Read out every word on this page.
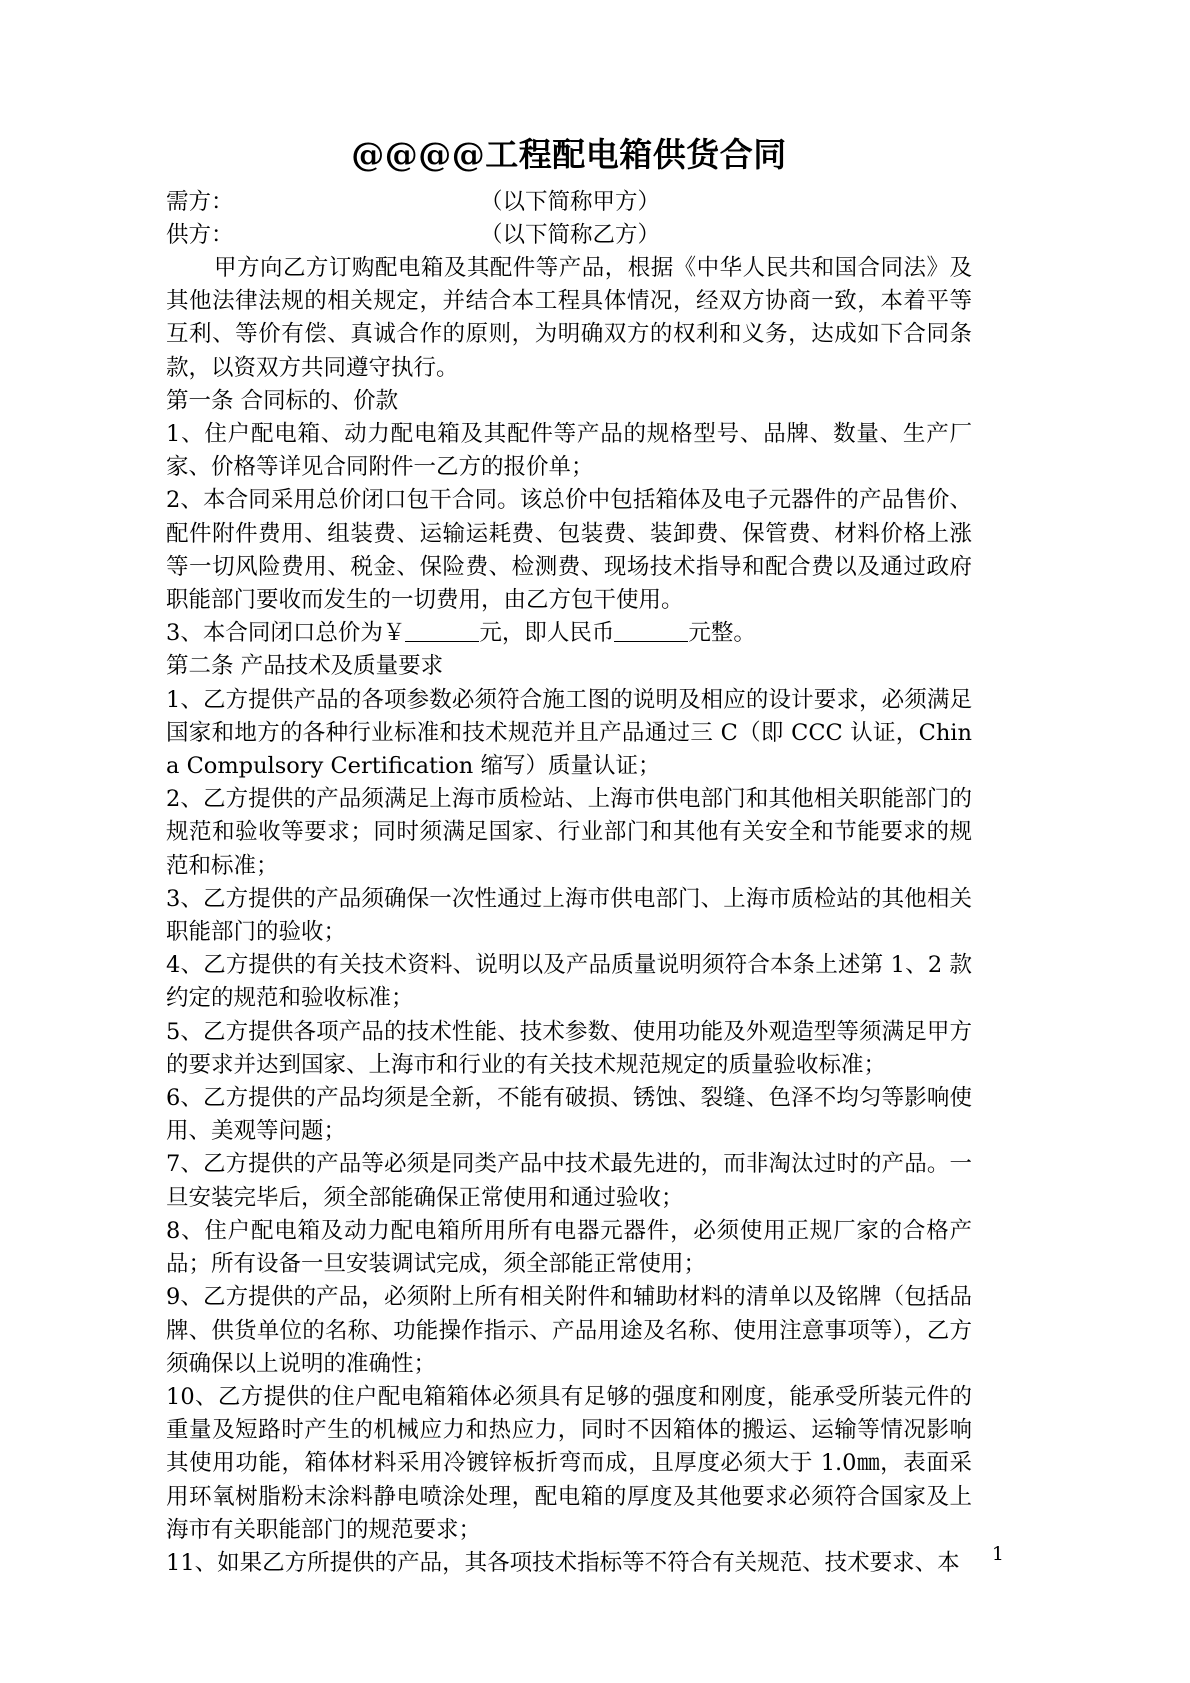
@@@@工程配电箱供货合同
需方：	（以下简称甲方）
供方：	（以下简称乙方）

甲方向乙方订购配电箱及其配件等产品，根据《中华人民共和国合同法》及其他法律法规的相关规定，并结合本工程具体情况，经双方协商一致，本着平等互利、等价有偿、真诚合作的原则，为明确双方的权利和义务，达成如下合同条款，以资双方共同遵守执行。

第一条 合同标的、价款

1、住户配电箱、动力配电箱及其配件等产品的规格型号、品牌、数量、生产厂家、价格等详见合同附件一乙方的报价单；

2、本合同采用总价闭口包干合同。该总价中包括箱体及电子元器件的产品售价、配件附件费用、组装费、运输运耗费、包装费、装卸费、保管费、材料价格上涨等一切风险费用、税金、保险费、检测费、现场技术指导和配合费以及通过政府职能部门要收而发生的一切费用，由乙方包干使用。

3、本合同闭口总价为￥	元，即人民币	元整。

第二条 产品技术及质量要求

1、乙方提供产品的各项参数必须符合施工图的说明及相应的设计要求，必须满足国家和地方的各种行业标准和技术规范并且产品通过三 C（即 CCC 认证，China Compulsory Certification 缩写）质量认证；

2、乙方提供的产品须满足上海市质检站、上海市供电部门和其他相关职能部门的规范和验收等要求；同时须满足国家、行业部门和其他有关安全和节能要求的规范和标准；

3、乙方提供的产品须确保一次性通过上海市供电部门、上海市质检站的其他相关职能部门的验收；

4、乙方提供的有关技术资料、说明以及产品质量说明须符合本条上述第 1、2 款约定的规范和验收标准；

5、乙方提供各项产品的技术性能、技术参数、使用功能及外观造型等须满足甲方的要求并达到国家、上海市和行业的有关技术规范规定的质量验收标准；

6、乙方提供的产品均须是全新，不能有破损、锈蚀、裂缝、色泽不均匀等影响使用、美观等问题；

7、乙方提供的产品等必须是同类产品中技术最先进的，而非淘汰过时的产品。一旦安装完毕后，须全部能确保正常使用和通过验收；

8、住户配电箱及动力配电箱所用所有电器元器件，必须使用正规厂家的合格产品；所有设备一旦安装调试完成，须全部能正常使用；

9、乙方提供的产品，必须附上所有相关附件和辅助材料的清单以及铭牌（包括品牌、供货单位的名称、功能操作指示、产品用途及名称、使用注意事项等），乙方须确保以上说明的准确性；

10、乙方提供的住户配电箱箱体必须具有足够的强度和刚度，能承受所装元件的重量及短路时产生的机械应力和热应力，同时不因箱体的搬运、运输等情况影响其使用功能，箱体材料采用冷镀锌板折弯而成，且厚度必须大于 1.0㎜，表面采用环氧树脂粉末涂料静电喷涂处理，配电箱的厚度及其他要求必须符合国家及上海市有关职能部门的规范要求；

11、如果乙方所提供的产品，其各项技术指标等不符合有关规范、技术要求、本	1
